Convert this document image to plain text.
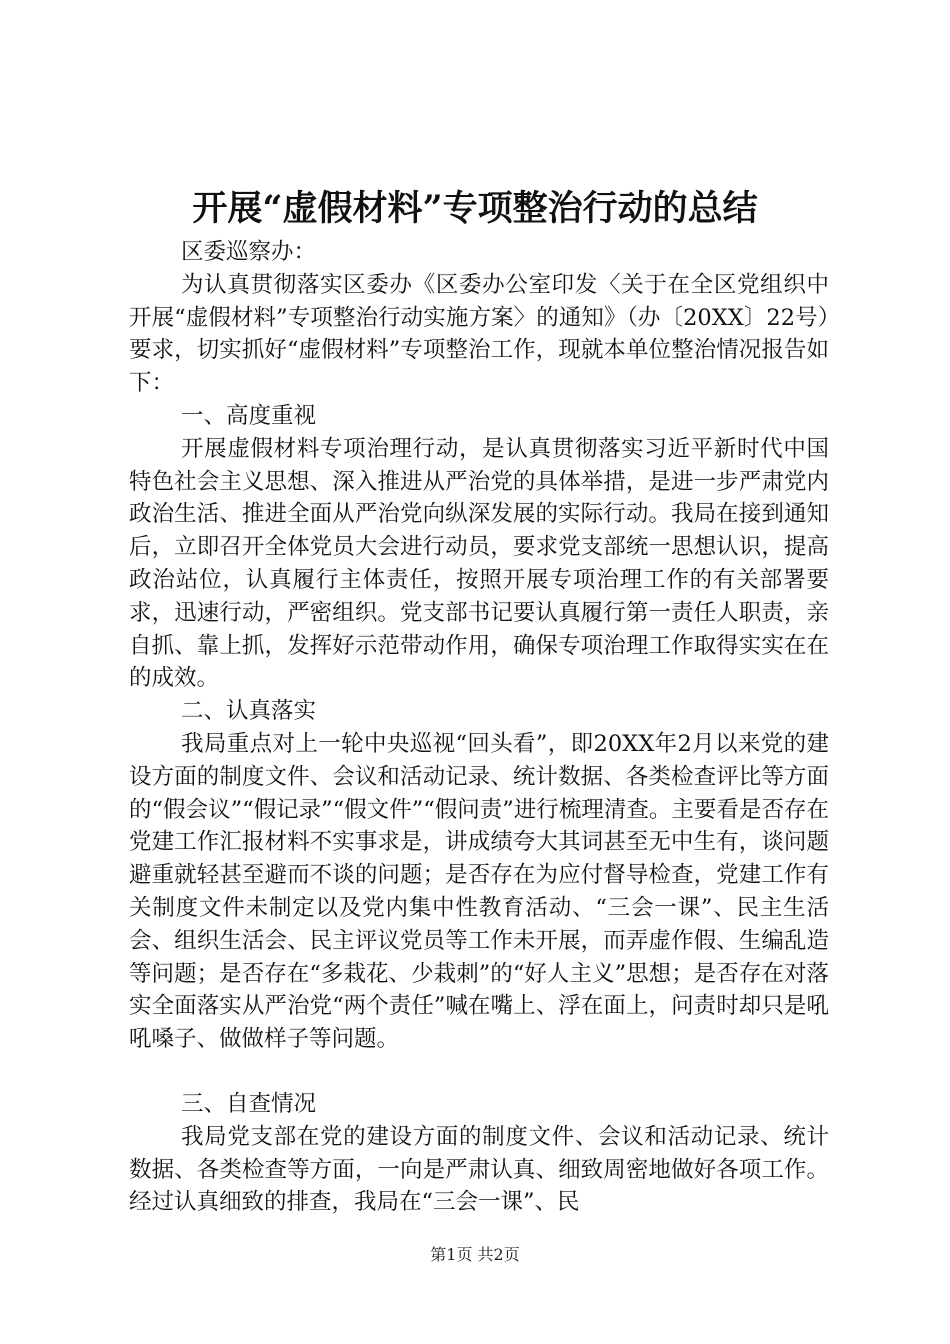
开展“虚假材料”专项整治行动的总结

区委巡察办：

为认真贯彻落实区委办《区委办公室印发〈关于在全区党组织中开展“虚假材料”专项整治行动实施方案〉的通知》（办〔20XX〕22号）要求，切实抓好“虚假材料”专项整治工作，现就本单位整治情况报告如下：

一、高度重视

开展虚假材料专项治理行动，是认真贯彻落实习近平新时代中国特色社会主义思想、深入推进从严治党的具体举措，是进一步严肃党内政治生活、推进全面从严治党向纵深发展的实际行动。我局在接到通知后，立即召开全体党员大会进行动员，要求党支部统一思想认识，提高政治站位，认真履行主体责任，按照开展专项治理工作的有关部署要求，迅速行动，严密组织。党支部书记要认真履行第一责任人职责，亲自抓、靠上抓，发挥好示范带动作用，确保专项治理工作取得实实在在的成效。

二、认真落实

我局重点对上一轮中央巡视“回头看”，即20XX年2月以来党的建设方面的制度文件、会议和活动记录、统计数据、各类检查评比等方面的“假会议”“假记录”“假文件”“假问责”进行梳理清查。主要看是否存在党建工作汇报材料不实事求是，讲成绩夸大其词甚至无中生有，谈问题避重就轻甚至避而不谈的问题；是否存在为应付督导检查，党建工作有关制度文件未制定以及党内集中性教育活动、“三会一课”、民主生活会、组织生活会、民主评议党员等工作未开展，而弄虚作假、生编乱造等问题；是否存在“多栽花、少栽刺”的“好人主义”思想；是否存在对落实全面落实从严治党“两个责任”喊在嘴上、浮在面上，问责时却只是吼吼嗓子、做做样子等问题。

三、自查情况

我局党支部在党的建设方面的制度文件、会议和活动记录、统计数据、各类检查等方面，一向是严肃认真、细致周密地做好各项工作。经过认真细致的排查，我局在“三会一课”、民

第1页 共2页
